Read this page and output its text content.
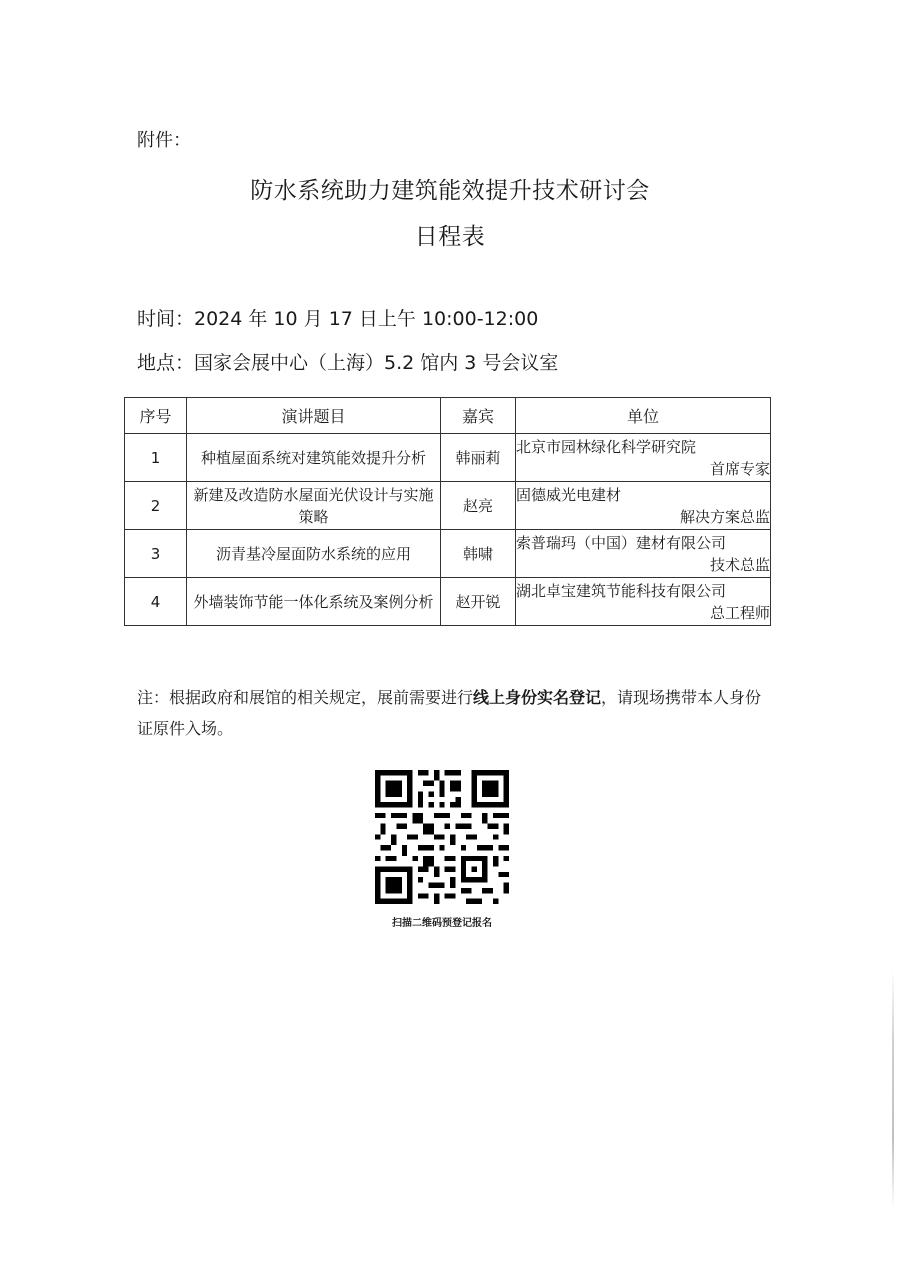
附件：
防水系统助力建筑能效提升技术研讨会
日程表
时间：2024 年 10 月 17 日上午 10:00-12:00
地点：国家会展中心（上海）5.2 馆内 3 号会议室
序号	演讲题目	嘉宾	单位
1	种植屋面系统对建筑能效提升分析	韩丽莉	北京市园林绿化科学研究院
首席专家

2	新建及改造防水屋面光伏设计与实施策略	赵亮	固德威光电建材
解决方案总监

3	沥青基冷屋面防水系统的应用	韩啸	索普瑞玛（中国）建材有限公司
技术总监

4	外墙装饰节能一体化系统及案例分析	赵开锐	湖北卓宝建筑节能科技有限公司
总工程师
注：根据政府和展馆的相关规定，展前需要进行线上身份实名登记，请现场携带本人身份证原件入场。
扫描二维码预登记报名
